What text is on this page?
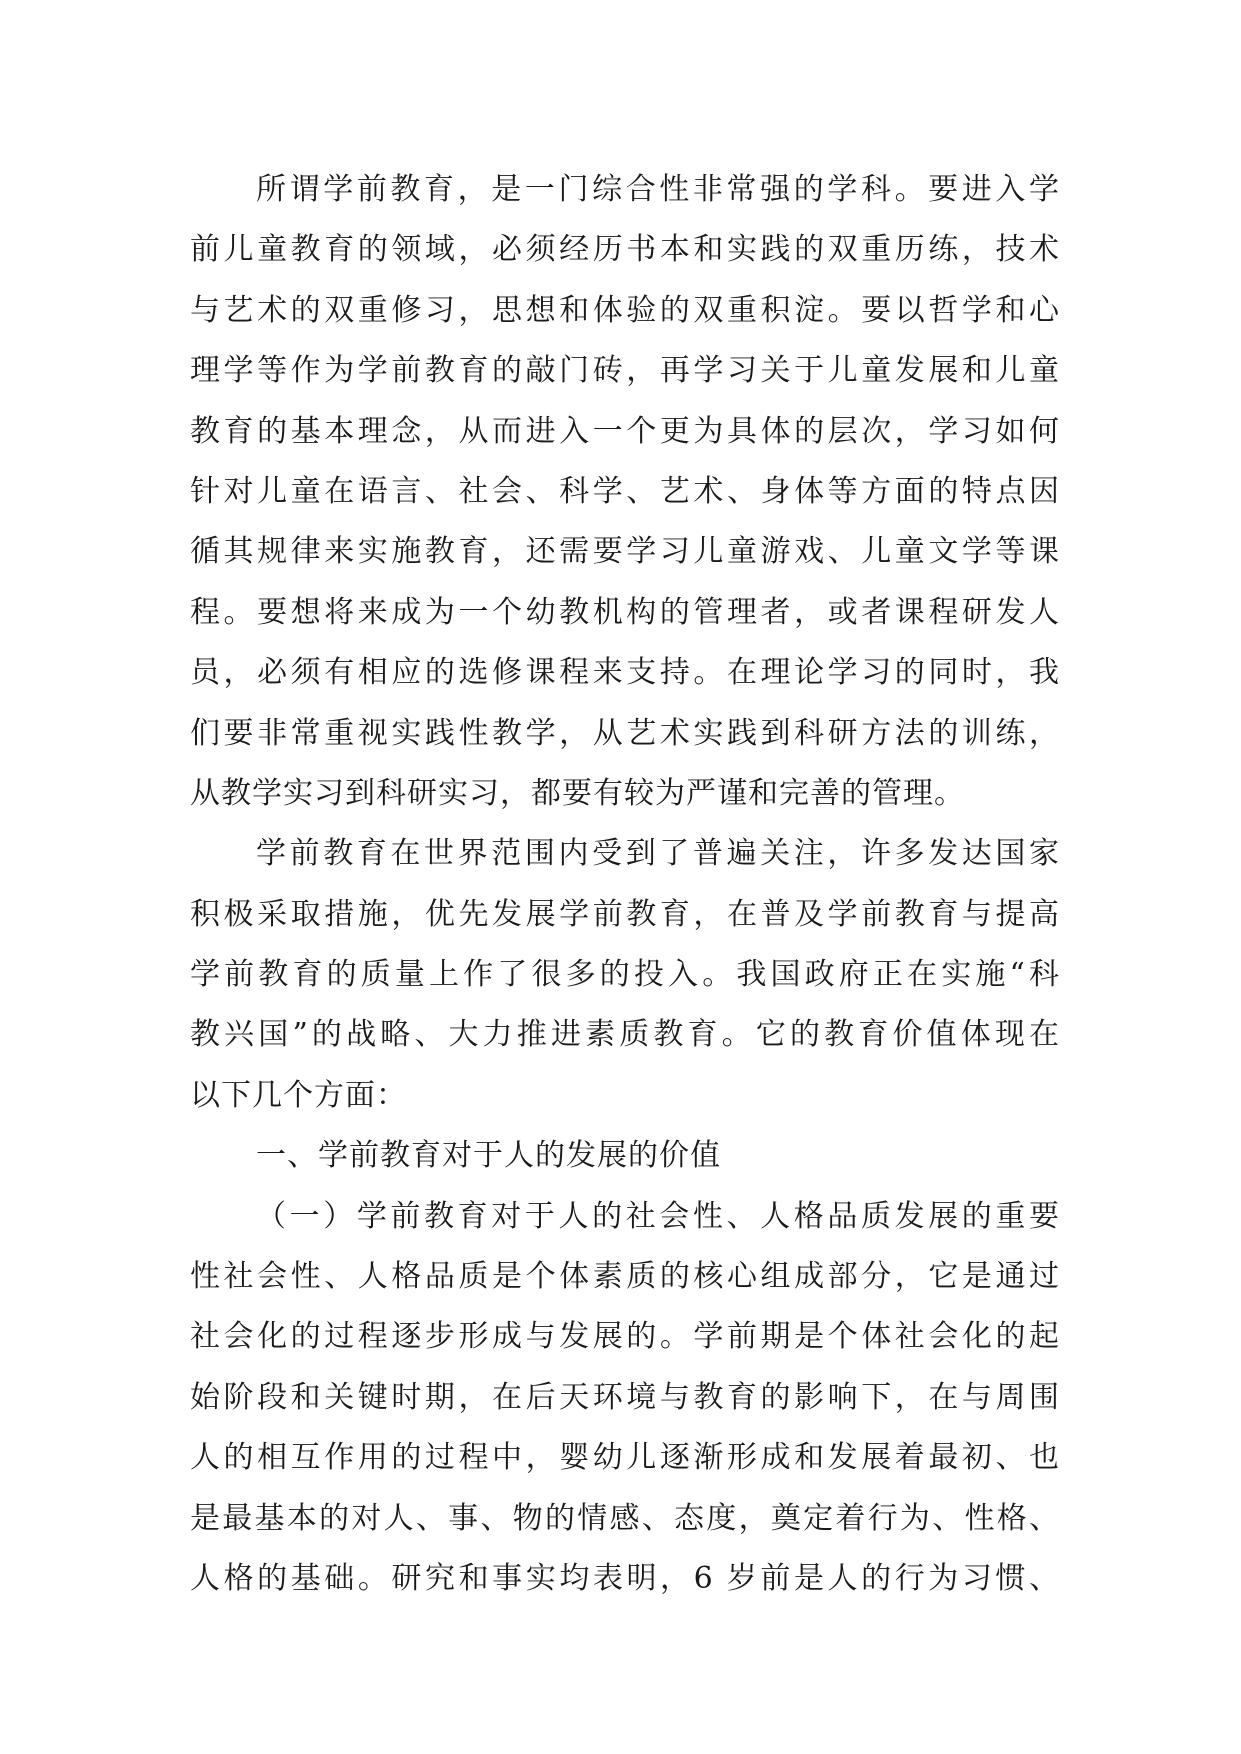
所谓学前教育，是一门综合性非常强的学科。要进入学
前儿童教育的领域，必须经历书本和实践的双重历练，技术
与艺术的双重修习，思想和体验的双重积淀。要以哲学和心
理学等作为学前教育的敲门砖，再学习关于儿童发展和儿童
教育的基本理念，从而进入一个更为具体的层次，学习如何
针对儿童在语言、社会、科学、艺术、身体等方面的特点因
循其规律来实施教育，还需要学习儿童游戏、儿童文学等课
程。要想将来成为一个幼教机构的管理者，或者课程研发人
员，必须有相应的选修课程来支持。在理论学习的同时，我
们要非常重视实践性教学，从艺术实践到科研方法的训练，
从教学实习到科研实习，都要有较为严谨和完善的管理。
学前教育在世界范围内受到了普遍关注，许多发达国家
积极采取措施，优先发展学前教育，在普及学前教育与提高
学前教育的质量上作了很多的投入。我国政府正在实施“科
教兴国”的战略、大力推进素质教育。它的教育价值体现在
以下几个方面：
一、学前教育对于人的发展的价值
（一）学前教育对于人的社会性、人格品质发展的重要
性社会性、人格品质是个体素质的核心组成部分，它是通过
社会化的过程逐步形成与发展的。学前期是个体社会化的起
始阶段和关键时期，在后天环境与教育的影响下，在与周围
人的相互作用的过程中，婴幼儿逐渐形成和发展着最初、也
是最基本的对人、事、物的情感、态度，奠定着行为、性格、
人格的基础。研究和事实均表明，6 岁前是人的行为习惯、
